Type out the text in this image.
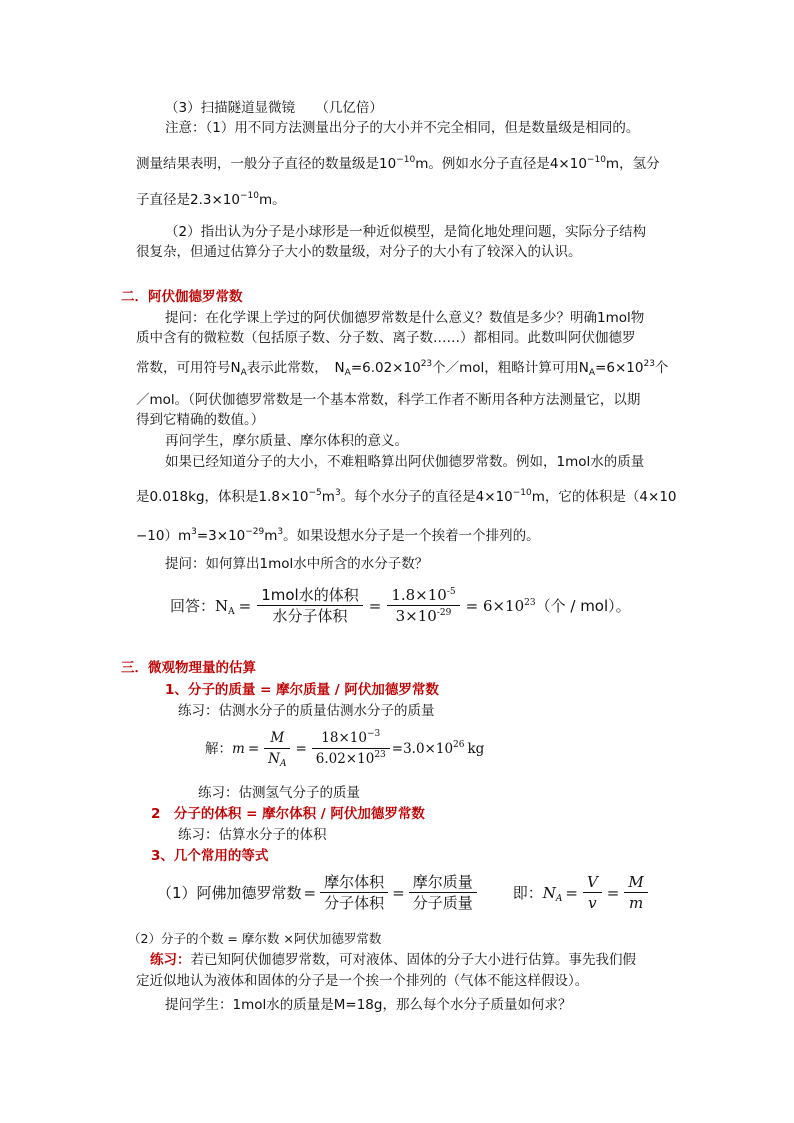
（3）扫描隧道显微镜　　（几亿倍）
注意：（1）用不同方法测量出分子的大小并不完全相同，但是数量级是相同的。
测量结果表明，一般分子直径的数量级是$10^{-10}m$。例如水分子直径是$4\times 10^{-10}m$，氢分
子直径是$2.3\times 10^{-10}m$。
（2）指出认为分子是小球形是一种近似模型，是简化地处理问题，实际分子结构
很复杂，但通过估算分子大小的数量级，对分子的大小有了较深入的认识。
二．阿伏伽德罗常数
提问：在化学课上学过的阿伏伽德罗常数是什么意义？数值是多少？明确1mol物
质中含有的微粒数（包括原子数、分子数、离子数……）都相同。此数叫阿伏伽德罗
常数，可用符号$N_A$表示此常数，　$N_A=6.02\times 10^{23}$个／mol，粗略计算可用$N_A=6\times 10^{23}$个
／mol。（阿伏伽德罗常数是一个基本常数，科学工作者不断用各种方法测量它，以期
得到它精确的数值。）
再问学生，摩尔质量、摩尔体积的意义。
如果已经知道分子的大小，不难粗略算出阿伏伽德罗常数。例如，1mol水的质量
是0.018kg，体积是$1.8\times 10^{-5}m^3$。每个水分子的直径是$4\times 10^{-10}m$，它的体积是（4×10
$-10)m^3=3\times 10^{-29}m^3$。如果设想水分子是一个挨着一个排列的。
提问：如何算出1mol水中所含的水分子数？
回答： $N_A = \frac{\text{1mol水的体积}}{\text{水分子体积}} = \frac{1.8\times 10^{-5}}{3\times 10^{-29}} = 6\times 10^{23}$ （个 / mol）。
三．微观物理量的估算
1、分子的质量 = 摩尔质量 / 阿伏加德罗常数
练习：估测水分子的质量估测水分子的质量
解： $m = \frac{M}{N_A} = \frac{18\times 10^{-3}}{6.02\times 10^{23}} =3.0\times 10^{26}$ kg
练习：估测氢气分子的质量
2　分子的体积 = 摩尔体积 / 阿伏加德罗常数
练习：估算水分子的体积
3、几个常用的等式
（1）阿佛加德罗常数 = $\frac{\text{摩尔体积}}{\text{分子体积}} = \frac{\text{摩尔质量}}{\text{分子质量}}$ 即： $N_A = \frac{V}{v} = \frac{M}{m}$
（2）分子的个数 = 摩尔数 ×阿伏加德罗常数
练习：若已知阿伏伽德罗常数，可对液体、固体的分子大小进行估算。事先我们假
定近似地认为液体和固体的分子是一个挨一个排列的（气体不能这样假设）。
提问学生：1mol水的质量是M=18g，那么每个水分子质量如何求？
